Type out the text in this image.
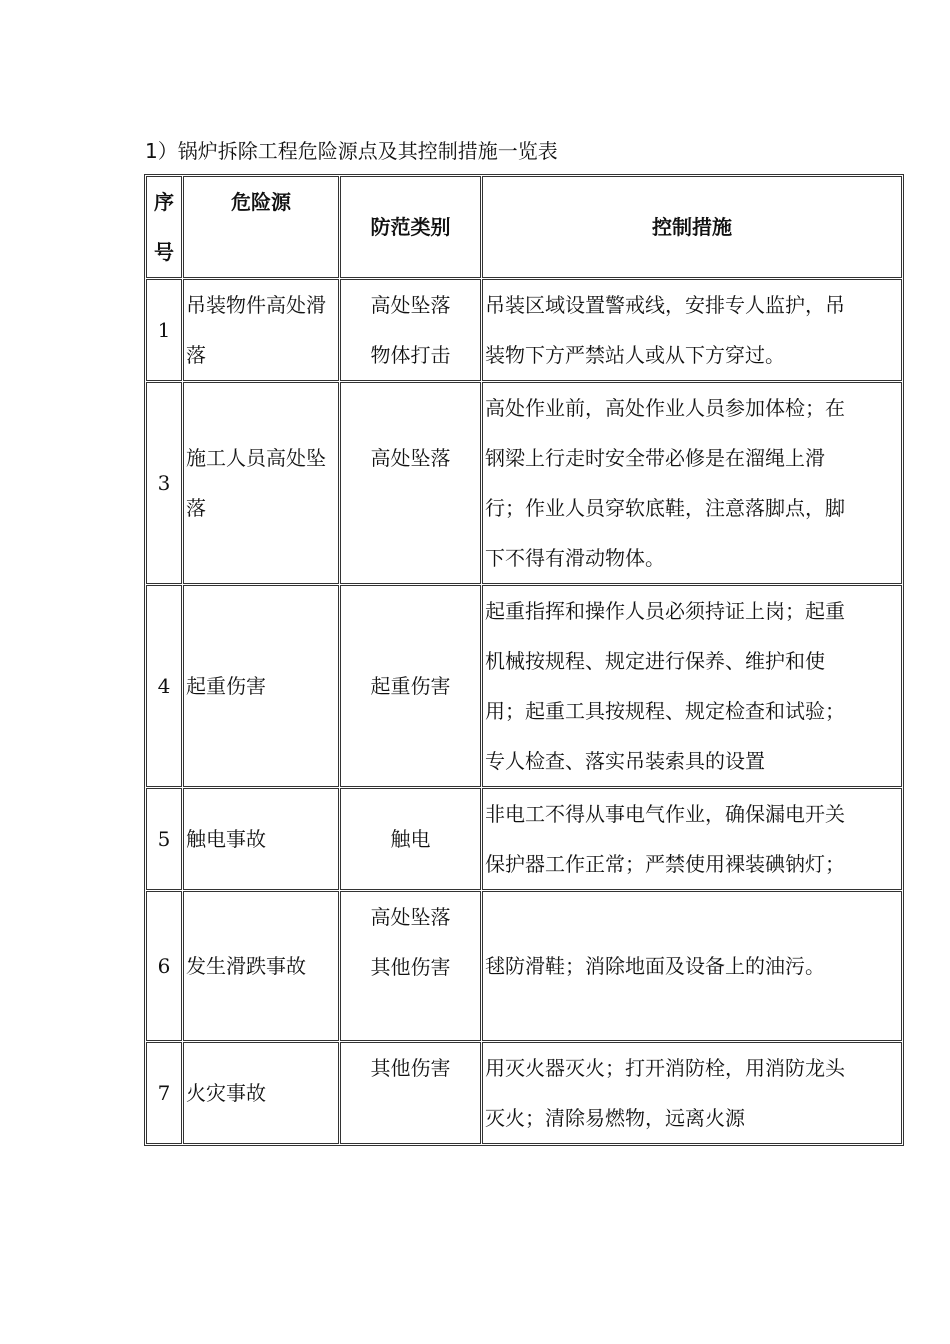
1）锅炉拆除工程危险源点及其控制措施一览表
序
号	危险源	防范类别	控制措施
1	吊装物件高处滑
落	高处坠落
物体打击	吊装区域设置警戒线，安排专人监护，吊
装物下方严禁站人或从下方穿过。

3	施工人员高处坠
落	高处坠落	高处作业前，高处作业人员参加体检；在
钢梁上行走时安全带必修是在溜绳上滑
行；作业人员穿软底鞋，注意落脚点，脚
下不得有滑动物体。

4	起重伤害	起重伤害	起重指挥和操作人员必须持证上岗；起重
机械按规程、规定进行保养、维护和使
用；起重工具按规程、规定检查和试验；
专人检查、落实吊装索具的设置

5	触电事故	触电	非电工不得从事电气作业，确保漏电开关
保护器工作正常；严禁使用裸装碘钠灯；

6	发生滑跌事故	高处坠落
其他伤害	毬防滑鞋；消除地面及设备上的油污。

7	火灾事故	其他伤害	用灭火器灭火；打开消防栓，用消防龙头
灭火；清除易燃物，远离火源
